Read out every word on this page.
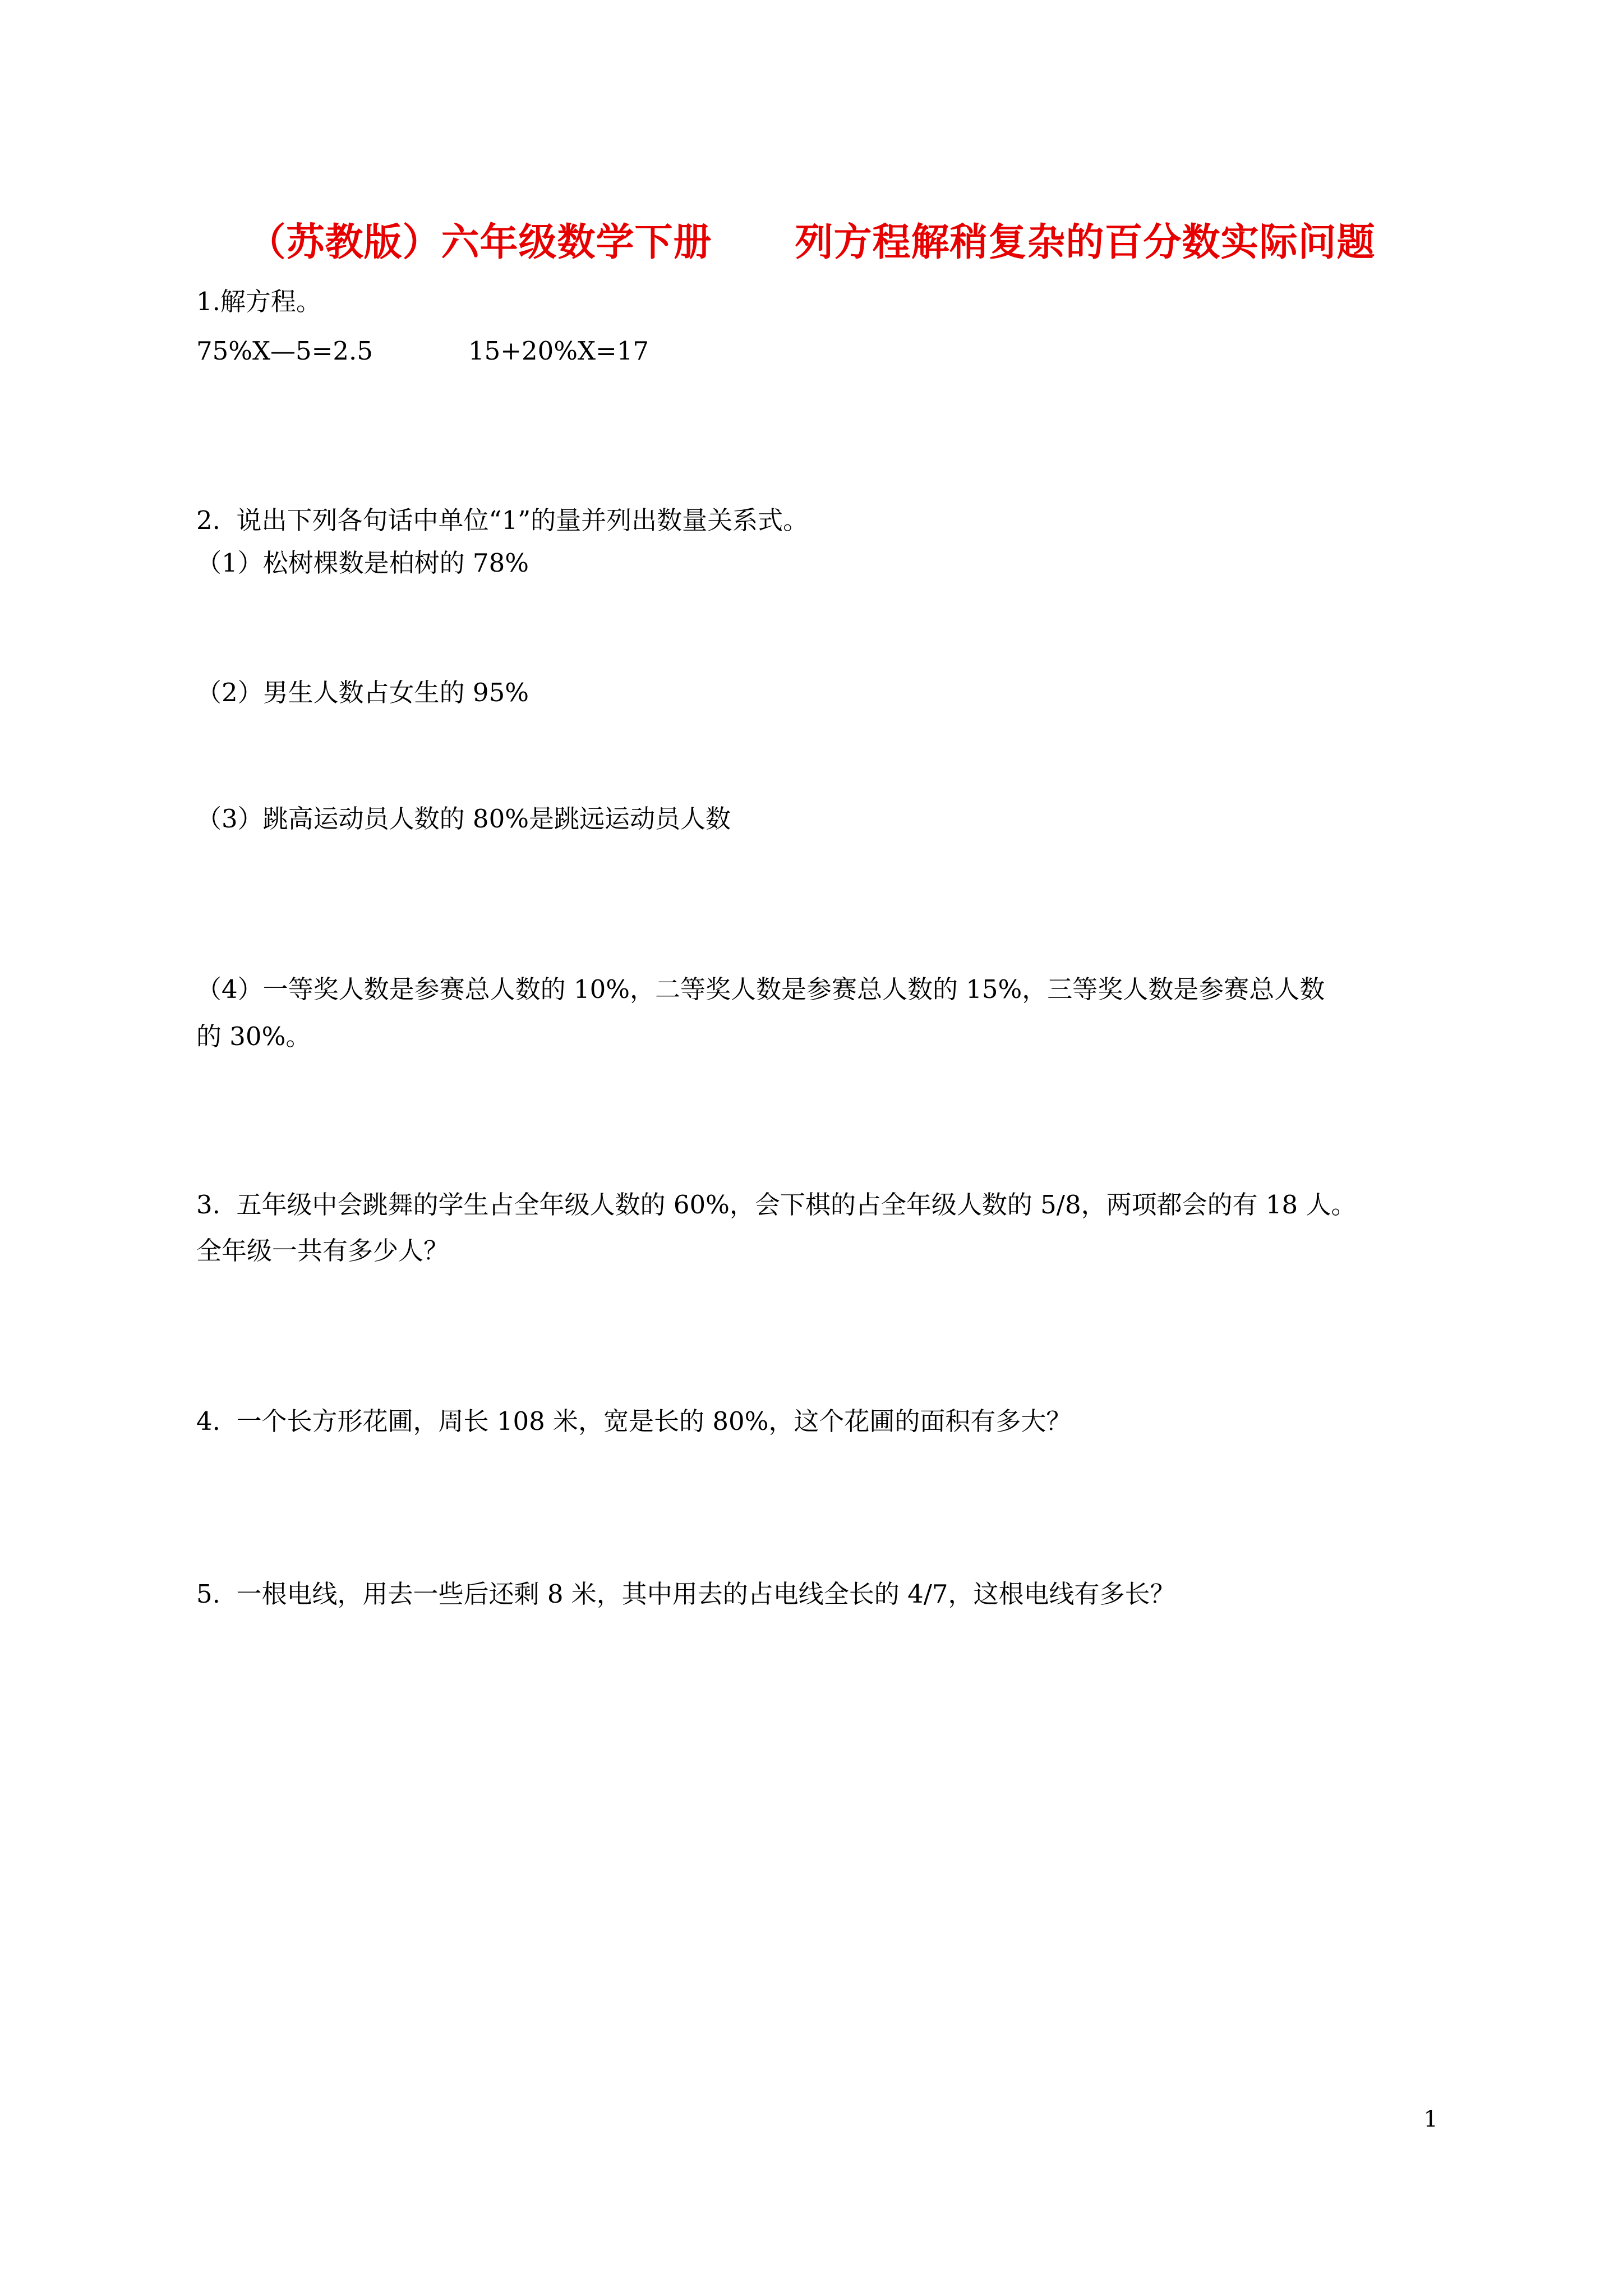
（苏教版）六年级数学下册      列方程解稍复杂的百分数实际问题
1.解方程。
75%X—5=2.5	15+20%X=17
2.  说出下列各句话中单位“1”的量并列出数量关系式。
（1）松树棵数是柏树的 78%
（2）男生人数占女生的 95%
（3）跳高运动员人数的 80%是跳远运动员人数
（4）一等奖人数是参赛总人数的 10%，二等奖人数是参赛总人数的 15%，三等奖人数是参赛总人数
的 30%。
3.  五年级中会跳舞的学生占全年级人数的 60%，会下棋的占全年级人数的 5/8，两项都会的有 18 人。
全年级一共有多少人？
4.  一个长方形花圃，周长 108 米，宽是长的 80%，这个花圃的面积有多大？
5.  一根电线，用去一些后还剩 8 米，其中用去的占电线全长的 4/7，这根电线有多长？
1
